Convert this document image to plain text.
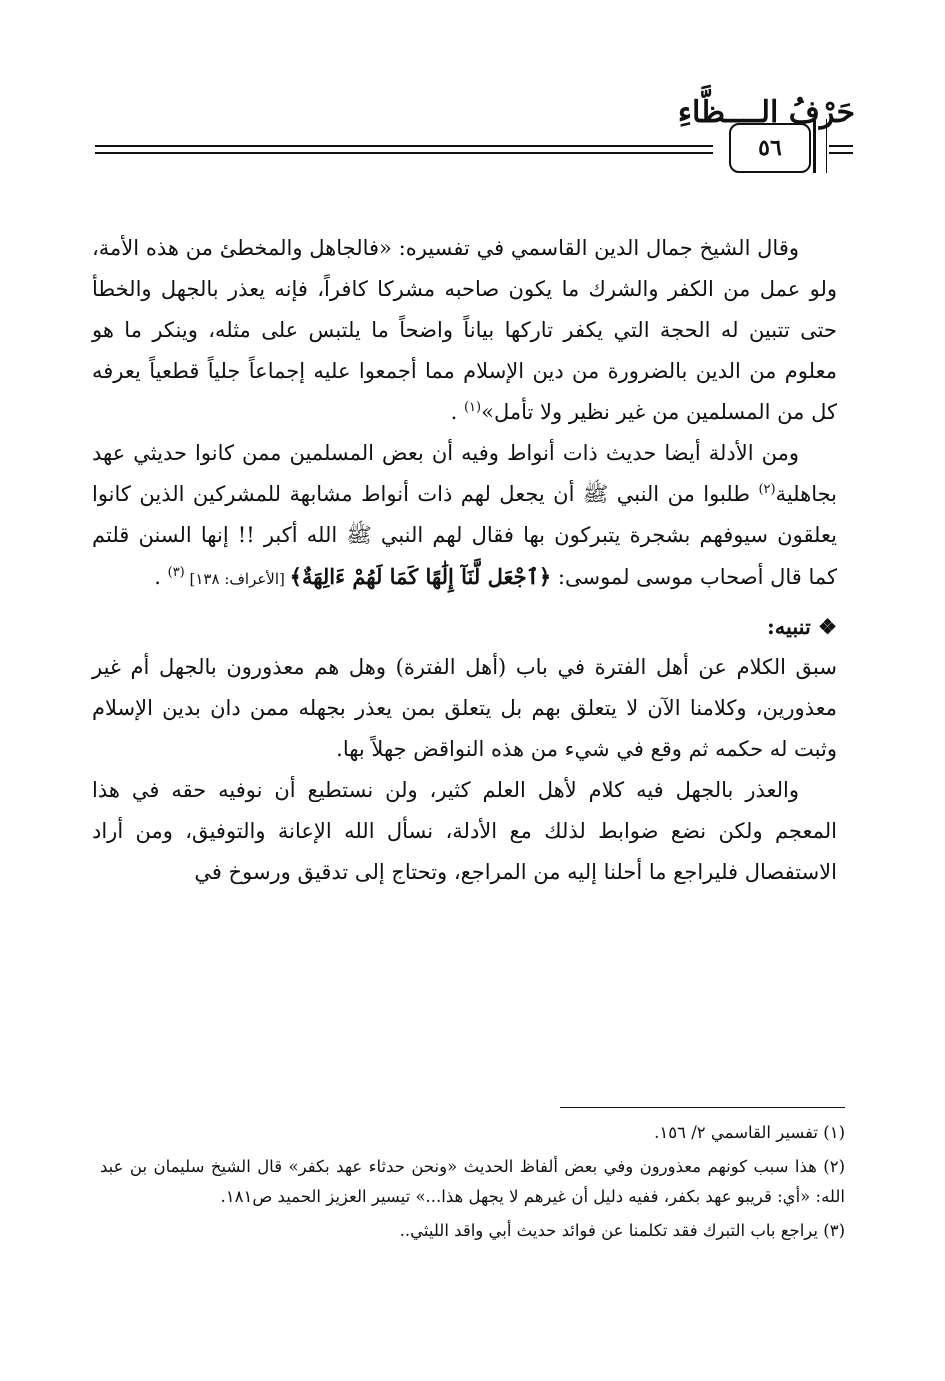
حَرْفُ الــــظَّاءِ
٥٦

وقال الشيخ جمال الدين القاسمي في تفسيره: «فالجاهل والمخطئ من هذه الأمة، ولو عمل من الكفر والشرك ما يكون صاحبه مشركا كافراً، فإنه يعذر بالجهل والخطأ حتى تتبين له الحجة التي يكفر تاركها بياناً واضحاً ما يلتبس على مثله، وينكر ما هو معلوم من الدين بالضرورة من دين الإسلام مما أجمعوا عليه إجماعاً جلياً قطعياً يعرفه كل من المسلمين من غير نظير ولا تأمل»$^{(١)}$ .

ومن الأدلة أيضا حديث ذات أنواط وفيه أن بعض المسلمين ممن كانوا حديثي عهد بجاهلية$^{(٢)}$ طلبوا من النبي ﷺ أن يجعل لهم ذات أنواط مشابهة للمشركين الذين كانوا يعلقون سيوفهم بشجرة يتبركون بها فقال لهم النبي ﷺ الله أكبر !! إنها السنن قلتم كما قال أصحاب موسى لموسى: ﴿ٱجْعَل لَّنَآ إِلَٰهًا كَمَا لَهُمْ ءَالِهَةٌ﴾ [الأعراف: ١٣٨] $^{(٣)}$ .

❖ تنبيه:

سبق الكلام عن أهل الفترة في باب (أهل الفترة) وهل هم معذورون بالجهل أم غير معذورين، وكلامنا الآن لا يتعلق بهم بل يتعلق بمن يعذر بجهله ممن دان بدين الإسلام وثبت له حكمه ثم وقع في شيء من هذه النواقض جهلاً بها.

والعذر بالجهل فيه كلام لأهل العلم كثير، ولن نستطيع أن نوفيه حقه في هذا المعجم ولكن نضع ضوابط لذلك مع الأدلة، نسأل الله الإعانة والتوفيق، ومن أراد الاستفصال فليراجع ما أحلنا إليه من المراجع، وتحتاج إلى تدقيق ورسوخ في

(١) تفسير القاسمي ٢/ ١٥٦.

(٢) هذا سبب كونهم معذورون وفي بعض ألفاظ الحديث «ونحن حدثاء عهد بكفر» قال الشيخ سليمان بن عبد الله: «أي: قريبو عهد بكفر، ففيه دليل أن غيرهم لا يجهل هذا...» تيسير العزيز الحميد ص١٨١.

(٣) يراجع باب التبرك فقد تكلمنا عن فوائد حديث أبي واقد الليثي..
